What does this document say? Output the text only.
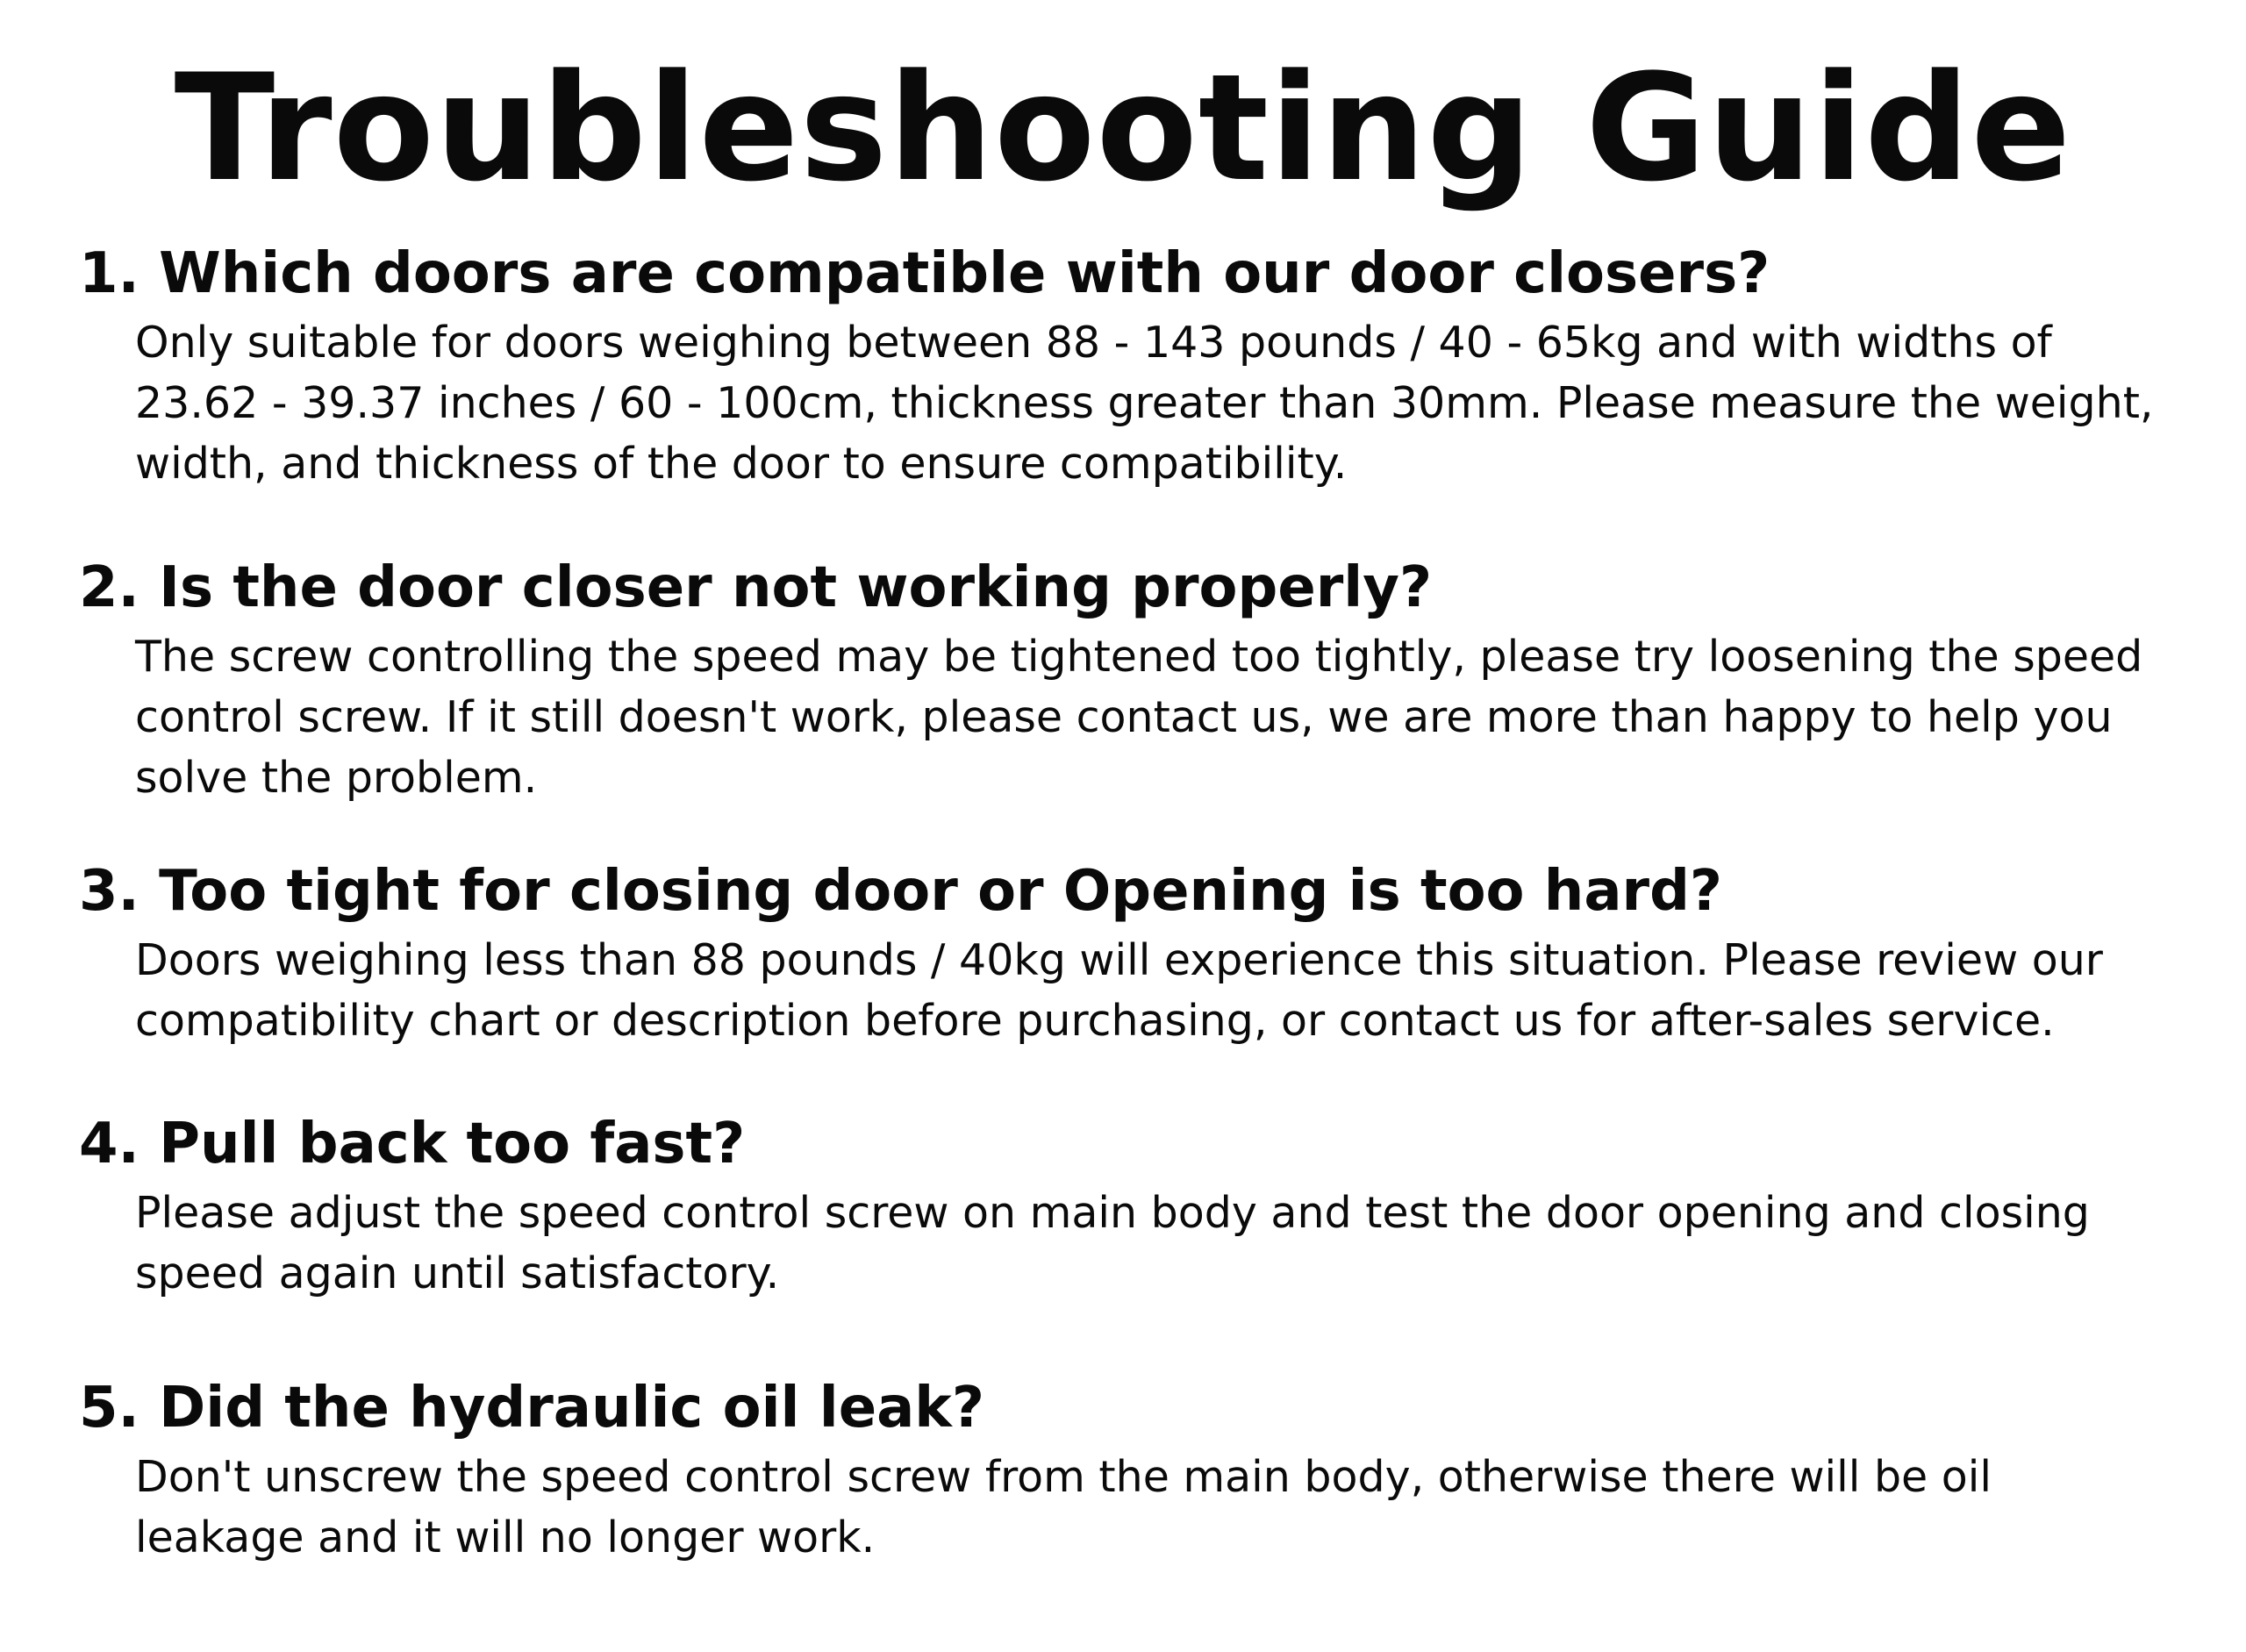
Troubleshooting Guide
1. Which doors are compatible with our door closers?
Only suitable for doors weighing between 88 - 143 pounds / 40 - 65kg and with widths of
23.62 - 39.37 inches / 60 - 100cm, thickness greater than 30mm. Please measure the weight,
width, and thickness of the door to ensure compatibility.
2. Is the door closer not working properly?
The screw controlling the speed may be tightened too tightly, please try loosening the speed
control screw. If it still doesn't work, please contact us, we are more than happy to help you
solve the problem.
3. Too tight for closing door or Opening is too hard?
Doors weighing less than 88 pounds / 40kg will experience this situation. Please review our
compatibility chart or description before purchasing, or contact us for after-sales service.
4. Pull back too fast?
Please adjust the speed control screw on main body and test the door opening and closing
speed again until satisfactory.
5. Did the hydraulic oil leak?
Don't unscrew the speed control screw from the main body, otherwise there will be oil
leakage and it will no longer work.
